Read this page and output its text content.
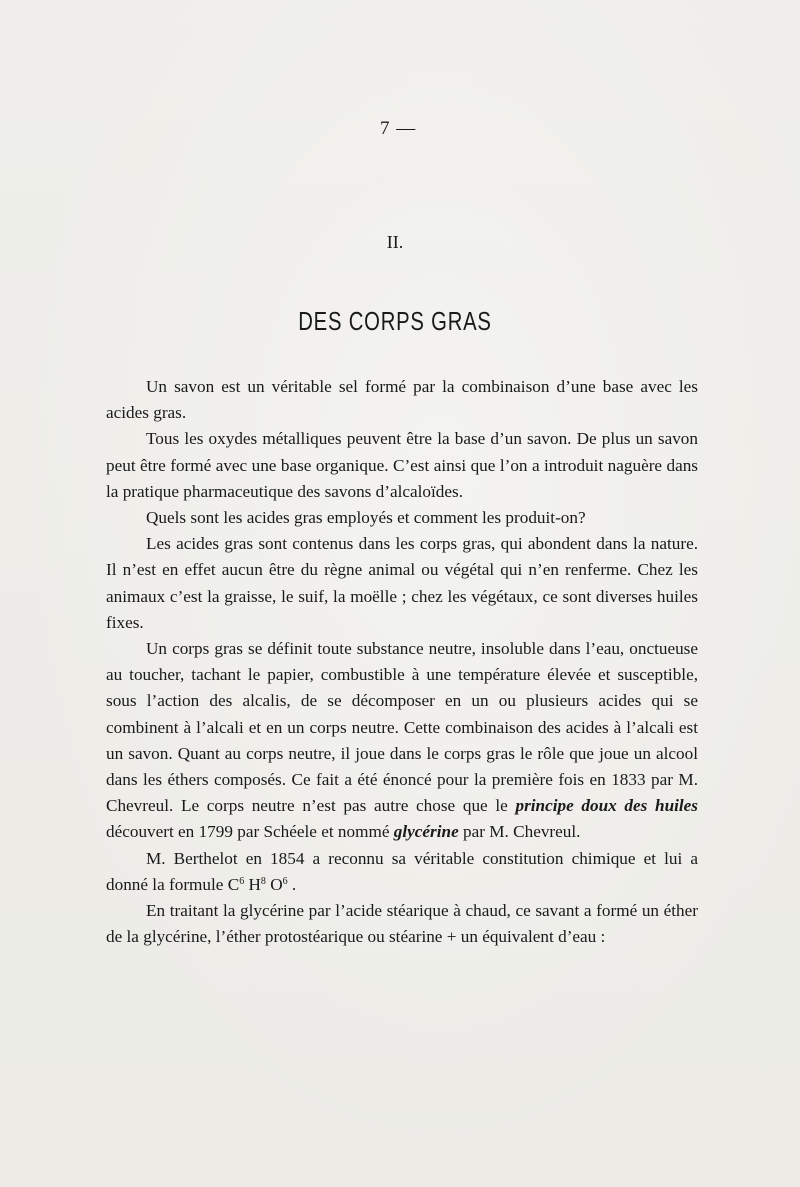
7 —
II.
DES CORPS GRAS

Un savon est un véritable sel formé par la combinaison d’une base avec les acides gras.

Tous les oxydes métalliques peuvent être la base d’un savon. De plus un savon peut être formé avec une base organique. C’est ainsi que l’on a introduit naguère dans la pratique pharmaceutique des savons d’alcaloïdes.

Quels sont les acides gras employés et comment les produit-on?

Les acides gras sont contenus dans les corps gras, qui abondent dans la nature. Il n’est en effet aucun être du règne animal ou végétal qui n’en renferme. Chez les animaux c’est la graisse, le suif, la moëlle ; chez les végétaux, ce sont diverses huiles fixes.

Un corps gras se définit toute substance neutre, insoluble dans l’eau, onctueuse au toucher, tachant le papier, combustible à une température élevée et susceptible, sous l’action des alcalis, de se décomposer en un ou plusieurs acides qui se combinent à l’alcali et en un corps neutre. Cette combinaison des acides à l’alcali est un savon. Quant au corps neutre, il joue dans le corps gras le rôle que joue un alcool dans les éthers composés. Ce fait a été énoncé pour la première fois en 1833 par M. Chevreul. Le corps neutre n’est pas autre chose que le principe doux des huiles découvert en 1799 par Schéele et nommé glycérine par M. Chevreul.

M. Berthelot en 1854 a reconnu sa véritable constitution chimique et lui a donné la formule $C^6$ $H^8$ $O^6$ .

En traitant la glycérine par l’acide stéarique à chaud, ce savant a formé un éther de la glycérine, l’éther protostéarique ou stéarine + un équivalent d’eau :
